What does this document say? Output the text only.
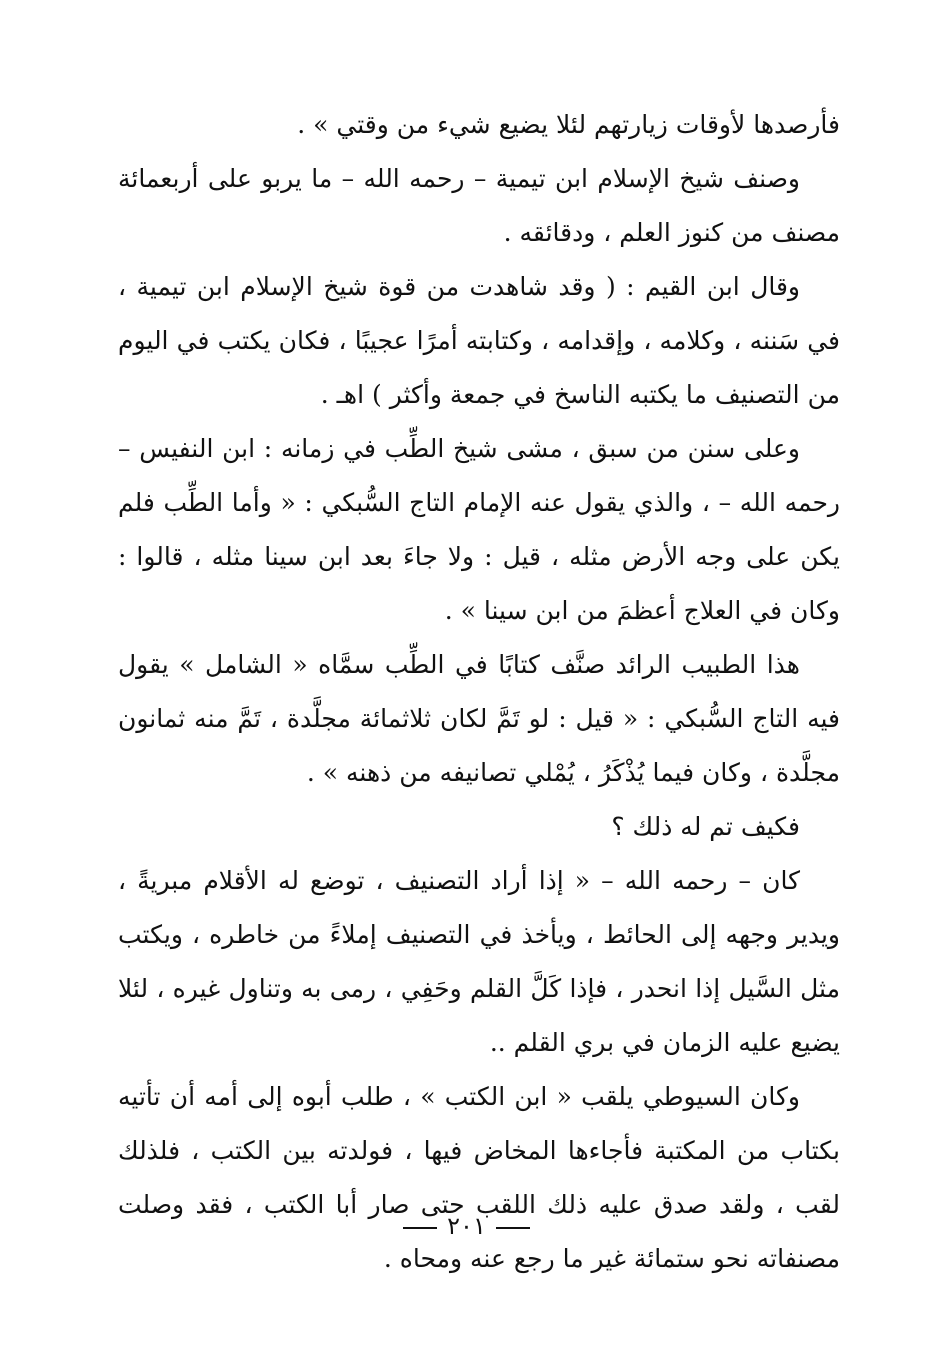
فأرصدها لأوقات زيارتهم لئلا يضيع شيء من وقتي » .

وصنف شيخ الإسلام ابن تيمية – رحمه الله – ما يربو على أربعمائة مصنف من كنوز العلم ، ودقائقه .

وقال ابن القيم : ( وقد شاهدت من قوة شيخ الإسلام ابن تيمية ، في سَننه ، وكلامه ، وإقدامه ، وكتابته أمرًا عجيبًا ، فكان يكتب في اليوم من التصنيف ما يكتبه الناسخ في جمعة وأكثر ) اهـ .

وعلى سنن من سبق ، مشى شيخ الطِّب في زمانه : ابن النفيس – رحمه الله – ، والذي يقول عنه الإمام التاج السُّبكي : « وأما الطِّب فلم يكن على وجه الأرض مثله ، قيل : ولا جاءَ بعد ابن سينا مثله ، قالوا : وكان في العلاج أعظمَ من ابن سينا » .

هذا الطبيب الرائد صنَّف كتابًا في الطِّب سمَّاه « الشامل » يقول فيه التاج السُّبكي : « قيل : لو تَمَّ لكان ثلاثمائة مجلَّدة ، تَمَّ منه ثمانون مجلَّدة ، وكان فيما يُذْكَرُ ، يُمْلي تصانيفه من ذهنه » .

فكيف تم له ذلك ؟

كان – رحمه الله – « إذا أراد التصنيف ، توضع له الأقلام مبريةً ، ويدير وجهه إلى الحائط ، ويأخذ في التصنيف إملاءً من خاطره ، ويكتب مثل السَّيل إذا انحدر ، فإذا كَلَّ القلم وحَفِي ، رمى به وتناول غيره ، لئلا يضيع عليه الزمان في بري القلم ..

وكان السيوطي يلقب « ابن الكتب » ، طلب أبوه إلى أمه أن تأتيه بكتاب من المكتبة فأجاءها المخاض فيها ، فولدته بين الكتب ، فلذلك لقب ، ولقد صدق عليه ذلك اللقب حتى صار أبا الكتب ، فقد وصلت مصنفاته نحو ستمائة غير ما رجع عنه ومحاه .

٢٠١
